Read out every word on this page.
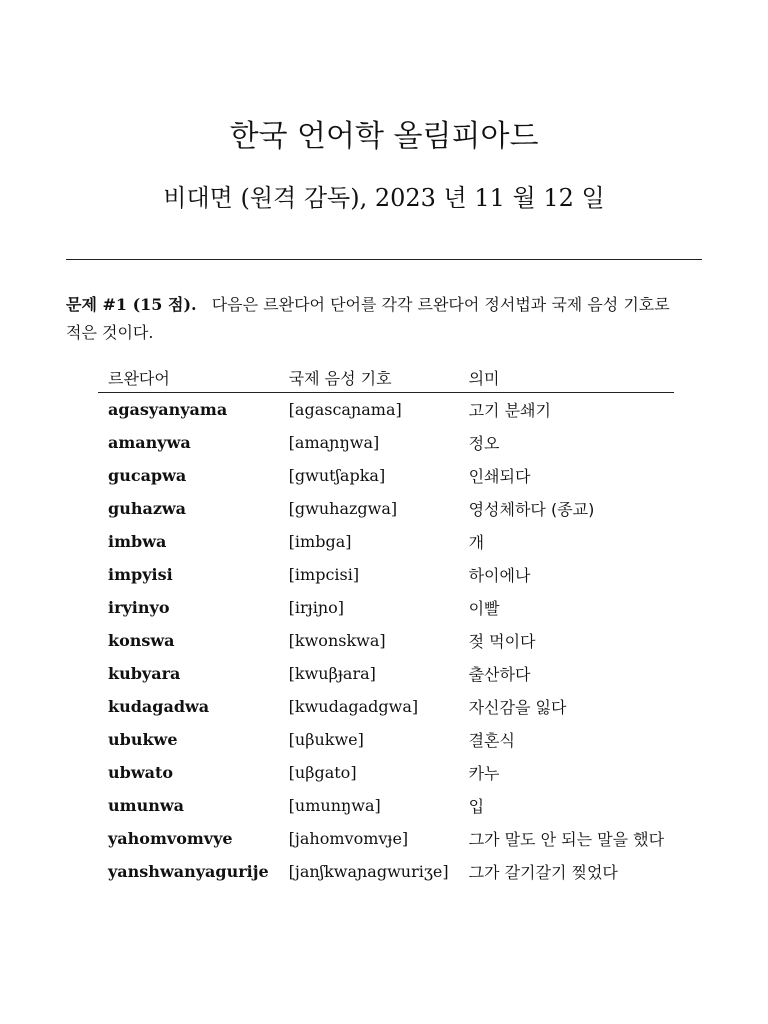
한국 언어학 올림피아드
비대면 (원격 감독), 2023 년 11 월 12 일
문제 #1 (15 점). 다음은 르완다어 단어를 각각 르완다어 정서법과 국제 음성 기호로
적은 것이다.
르완다어	국제 음성 기호	의미
agasyanyama	[agascaɲama]	고기 분쇄기
amanywa	[amaɲŋwa]	정오
gucapwa	[gwutʃapka]	인쇄되다
guhazwa	[gwuhazgwa]	영성체하다 (종교)
imbwa	[imbga]	개
impyisi	[impcisi]	하이에나
iryinyo	[irɟiɲo]	이빨
konswa	[kwonskwa]	젖 먹이다
kubyara	[kwuβɟara]	출산하다
kudagadwa	[kwudagadgwa]	자신감을 잃다
ubukwe	[uβukwe]	결혼식
ubwato	[uβgato]	카누
umunwa	[umunŋwa]	입
yahomvomvye	[jahomvomvɟe]	그가 말도 안 되는 말을 했다
yanshwanyagurije	[janʃkwaɲagwuriʒe]	그가 갈기갈기 찢었다
